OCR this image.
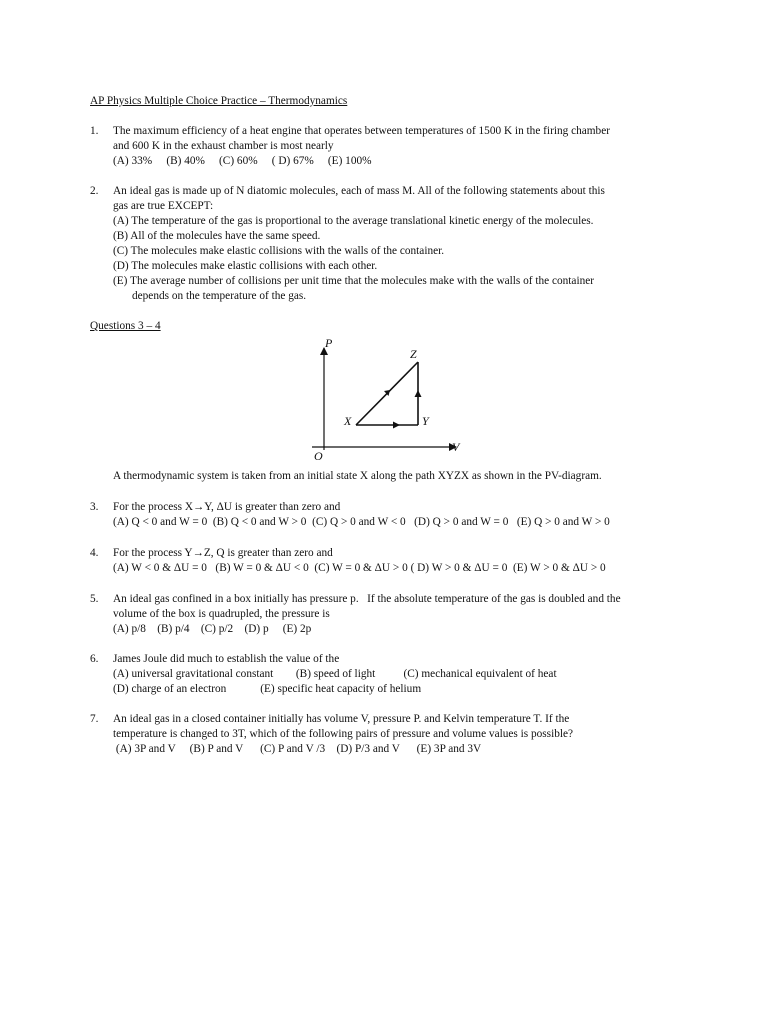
AP Physics Multiple Choice Practice – Thermodynamics
1. The maximum efficiency of a heat engine that operates between temperatures of 1500 K in the firing chamber
and 600 K in the exhaust chamber is most nearly
(A) 33%     (B) 40%     (C) 60%     ( D) 67%     (E) 100%
2. An ideal gas is made up of N diatomic molecules, each of mass M. All of the following statements about this
gas are true EXCEPT:
(A) The temperature of the gas is proportional to the average translational kinetic energy of the molecules.
(B) All of the molecules have the same speed.
(C) The molecules make elastic collisions with the walls of the container.
(D) The molecules make elastic collisions with each other.
(E) The average number of collisions per unit time that the molecules make with the walls of the container
depends on the temperature of the gas.
Questions 3 – 4
P
V
O
X	Y
Z
A thermodynamic system is taken from an initial state X along the path XYZX as shown in the PV-diagram.
3. For the process X→Y, ΔU is greater than zero and
(A) Q < 0 and W = 0  (B) Q < 0 and W > 0  (C) Q > 0 and W < 0   (D) Q > 0 and W = 0   (E) Q > 0 and W > 0
4. For the process Y→Z, Q is greater than zero and
(A) W < 0 & ΔU = 0   (B) W = 0 & ΔU < 0  (C) W = 0 & ΔU > 0 ( D) W > 0 & ΔU = 0  (E) W > 0 & ΔU > 0
5. An ideal gas confined in a box initially has pressure p.   If the absolute temperature of the gas is doubled and the
volume of the box is quadrupled, the pressure is
(A) p/8    (B) p/4    (C) p/2    (D) p     (E) 2p
6. James Joule did much to establish the value of the
(A) universal gravitational constant        (B) speed of light          (C) mechanical equivalent of heat
(D) charge of an electron            (E) specific heat capacity of helium
7. An ideal gas in a closed container initially has volume V, pressure P. and Kelvin temperature T. If the
temperature is changed to 3T, which of the following pairs of pressure and volume values is possible?
(A) 3P and V     (B) P and V      (C) P and V /3    (D) P/3 and V      (E) 3P and 3V
